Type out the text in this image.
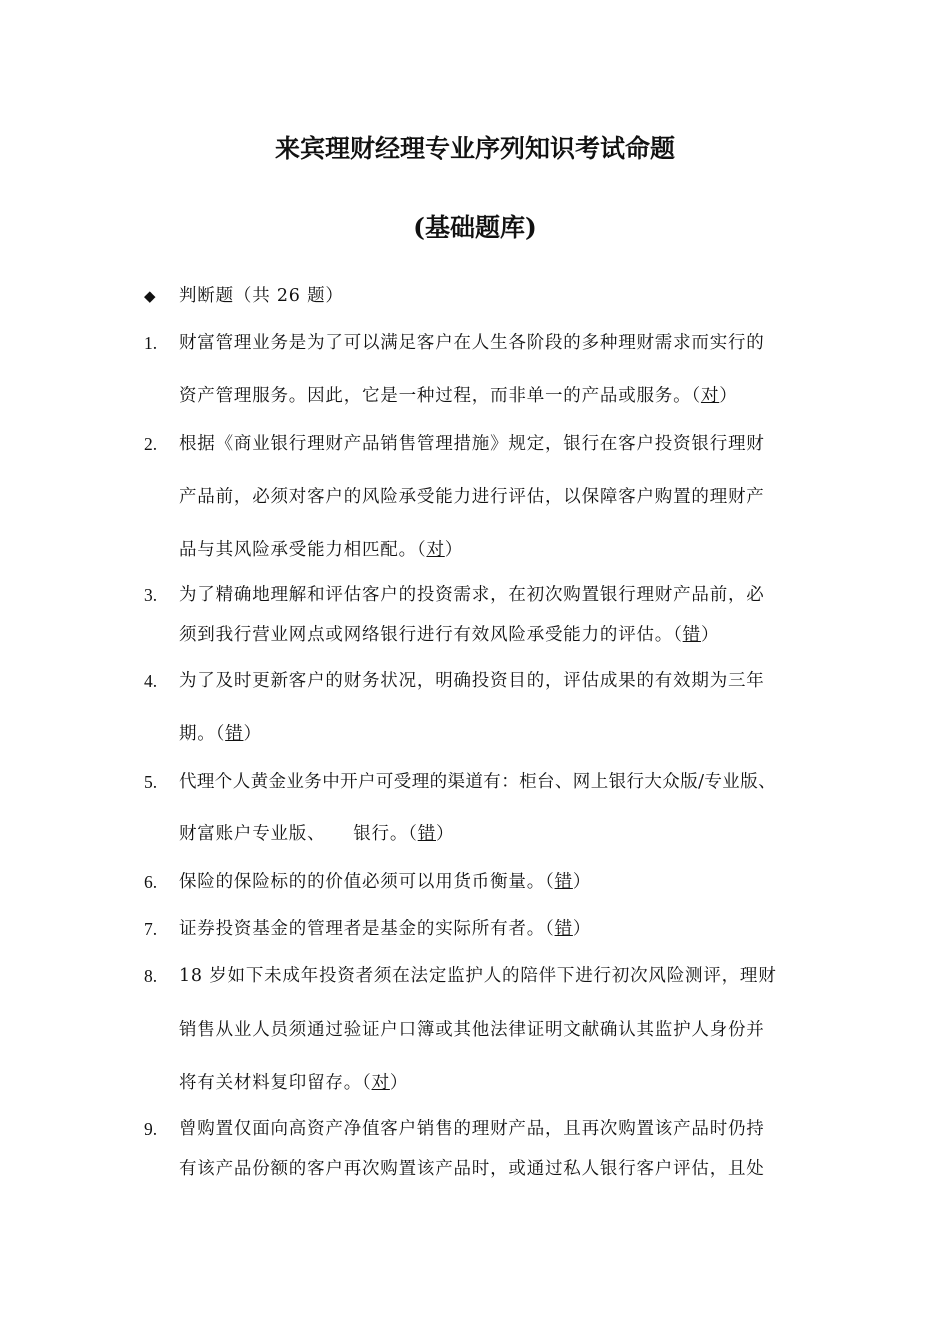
来宾理财经理专业序列知识考试命题
(基础题库)
◆ 判断题（共 26 题）
1. 财富管理业务是为了可以满足客户在人生各阶段的多种理财需求而实行的
资产管理服务。因此，它是一种过程，而非单一的产品或服务。（对）
2. 根据《商业银行理财产品销售管理措施》规定，银行在客户投资银行理财
产品前，必须对客户的风险承受能力进行评估，以保障客户购置的理财产
品与其风险承受能力相匹配。（对）
3. 为了精确地理解和评估客户的投资需求，在初次购置银行理财产品前，必
须到我行营业网点或网络银行进行有效风险承受能力的评估。（错）
4. 为了及时更新客户的财务状况，明确投资目的，评估成果的有效期为三年
期。（错）
5. 代理个人黄金业务中开户可受理的渠道有：柜台、网上银行大众版/专业版、
财富账户专业版、　　银行。（错）
6. 保险的保险标的的价值必须可以用货币衡量。（错）
7. 证券投资基金的管理者是基金的实际所有者。（错）
8. 18 岁如下未成年投资者须在法定监护人的陪伴下进行初次风险测评，理财
销售从业人员须通过验证户口簿或其他法律证明文献确认其监护人身份并
将有关材料复印留存。（对）
9. 曾购置仅面向高资产净值客户销售的理财产品，且再次购置该产品时仍持
有该产品份额的客户再次购置该产品时，或通过私人银行客户评估，且处
